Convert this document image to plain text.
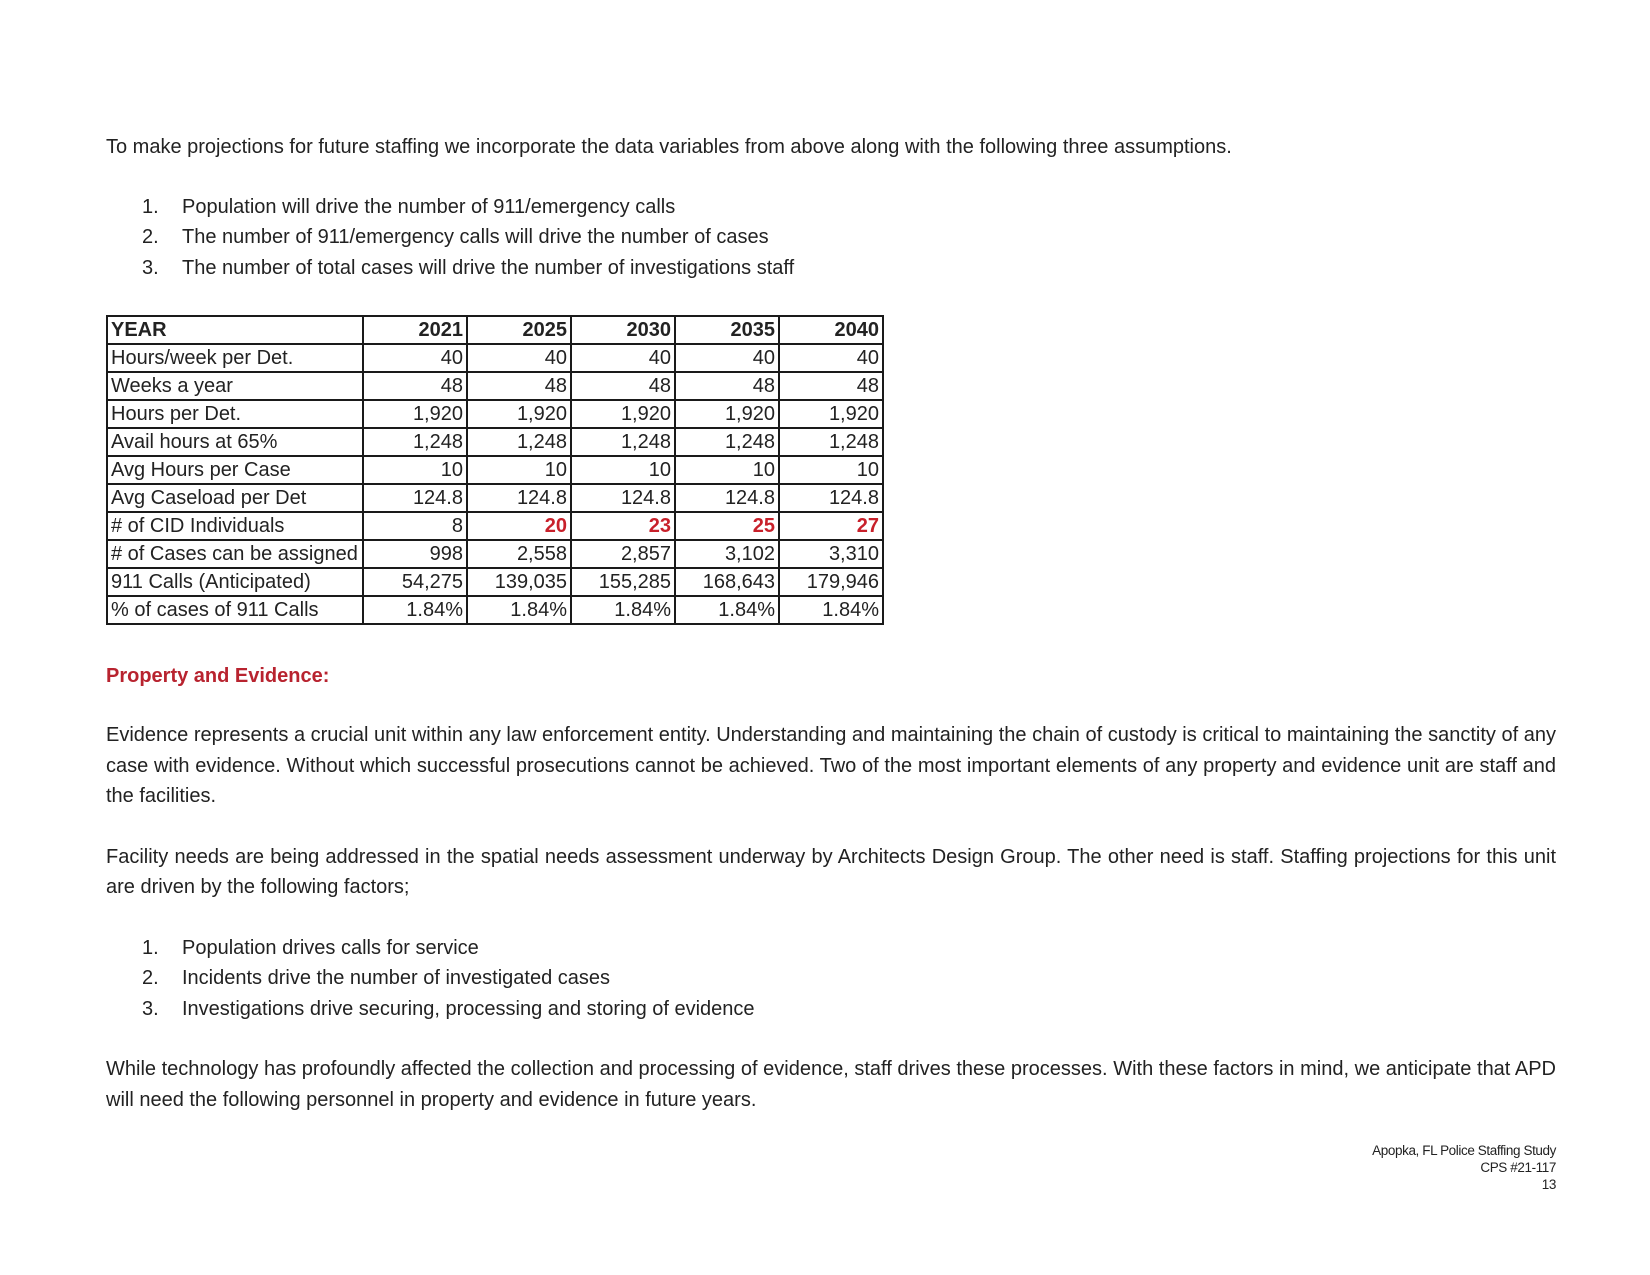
To make projections for future staffing we incorporate the data variables from above along with the following three assumptions.

1.	Population will drive the number of 911/emergency calls
2.	The number of 911/emergency calls will drive the number of cases
3.	The number of total cases will drive the number of investigations staff
YEAR	2021	2025	2030	2035	2040
Hours/week per Det.	40	40	40	40	40
Weeks a year	48	48	48	48	48
Hours per Det.	1,920	1,920	1,920	1,920	1,920
Avail hours at 65%	1,248	1,248	1,248	1,248	1,248
Avg Hours per Case	10	10	10	10	10
Avg Caseload per Det	124.8	124.8	124.8	124.8	124.8
# of CID Individuals	8	20	23	25	27
# of Cases can be assigned	998	2,558	2,857	3,102	3,310
911 Calls (Anticipated)	54,275	139,035	155,285	168,643	179,946
% of cases of 911 Calls	1.84%	1.84%	1.84%	1.84%	1.84%
Property and Evidence:

Evidence represents a crucial unit within any law enforcement entity. Understanding and maintaining the chain of custody is critical to maintaining the sanctity of any case with evidence. Without which successful prosecutions cannot be achieved. Two of the most important elements of any property and evidence unit are staff and the facilities.

Facility needs are being addressed in the spatial needs assessment underway by Architects Design Group. The other need is staff. Staffing projections for this unit are driven by the following factors;

1.	Population drives calls for service
2.	Incidents drive the number of investigated cases
3.	Investigations drive securing, processing and storing of evidence

While technology has profoundly affected the collection and processing of evidence, staff drives these processes. With these factors in mind, we anticipate that APD will need the following personnel in property and evidence in future years.

Apopka, FL Police Staffing Study
CPS #21-117
13
